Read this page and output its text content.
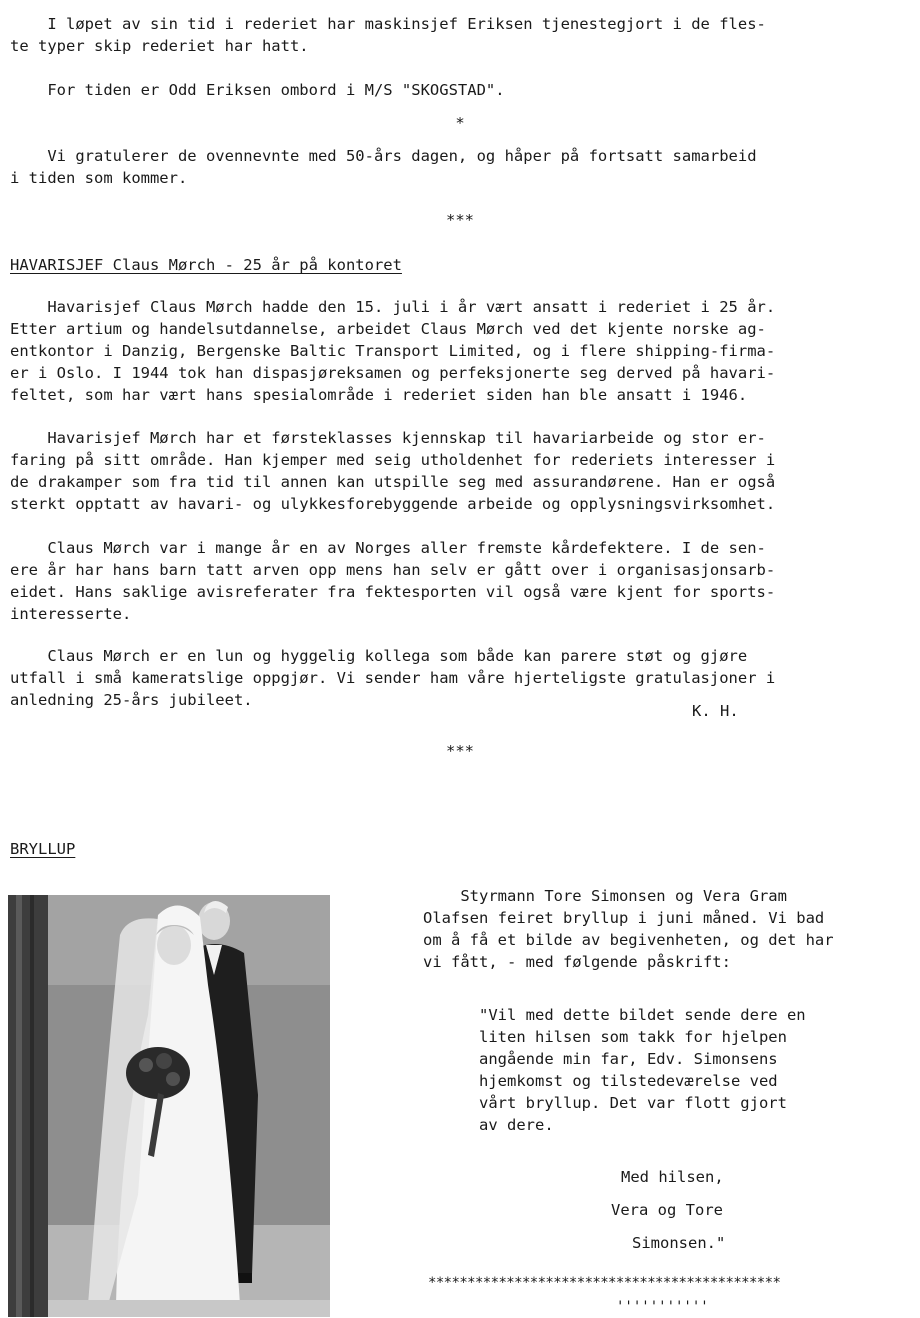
I løpet av sin tid i rederiet har maskinsjef Eriksen tjenestegjort i de fles-
te typer skip rederiet har hatt.
For tiden er Odd Eriksen ombord i M/S "SKOGSTAD".
*
Vi gratulerer de ovennevnte med 50-års dagen, og håper på fortsatt samarbeid
i tiden som kommer.
***
HAVARISJEF Claus Mørch - 25 år på kontoret
Havarisjef Claus Mørch hadde den 15. juli i år vært ansatt i rederiet i 25 år.
Etter artium og handelsutdannelse, arbeidet Claus Mørch ved det kjente norske ag-
entkontor i Danzig, Bergenske Baltic Transport Limited, og i flere shipping-firma-
er i Oslo. I 1944 tok han dispasjøreksamen og perfeksjonerte seg derved på havari-
feltet, som har vært hans spesialområde i rederiet siden han ble ansatt i 1946.
Havarisjef Mørch har et førsteklasses kjennskap til havariarbeide og stor er-
faring på sitt område. Han kjemper med seig utholdenhet for rederiets interesser i
de drakamper som fra tid til annen kan utspille seg med assurandørene. Han er også
sterkt opptatt av havari- og ulykkesforebyggende arbeide og opplysningsvirksomhet.
Claus Mørch var i mange år en av Norges aller fremste kårdefektere. I de sen-
ere år har hans barn tatt arven opp mens han selv er gått over i organisasjonsarb-
eidet. Hans saklige avisreferater fra fektesporten vil også være kjent for sports-
interesserte.
Claus Mørch er en lun og hyggelig kollega som både kan parere støt og gjøre
utfall i små kameratslige oppgjør. Vi sender ham våre hjerteligste gratulasjoner i
anledning 25-års jubileet.
K. H.
***
BRYLLUP
Styrmann Tore Simonsen og Vera Gram
Olafsen feiret bryllup i juni måned. Vi bad
om å få et bilde av begivenheten, og det har
vi fått, - med følgende påskrift:
"Vil med dette bildet sende dere en
liten hilsen som takk for hjelpen
angående min far, Edv. Simonsens
hjemkomst og tilstedeværelse ved
vårt bryllup. Det var flott gjort
av dere.
Med hilsen,
Vera og Tore
Simonsen."
*********************************************
'''''''''''
